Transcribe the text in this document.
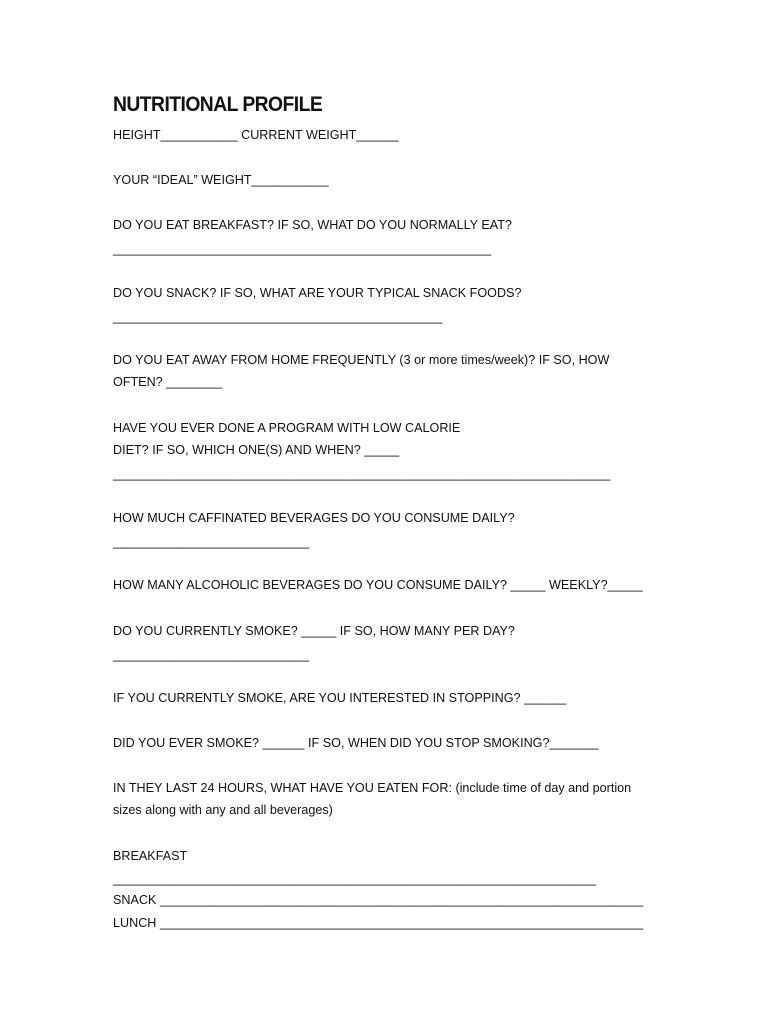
NUTRITIONAL PROFILE
HEIGHT___________ CURRENT WEIGHT______
YOUR “IDEAL” WEIGHT___________
DO YOU EAT BREAKFAST? IF SO, WHAT DO YOU NORMALLY EAT?
______________________________________________________
DO YOU SNACK? IF SO, WHAT ARE YOUR TYPICAL SNACK FOODS?
_______________________________________________
DO YOU EAT AWAY FROM HOME FREQUENTLY (3 or more times/week)? IF SO, HOW
OFTEN? ________
HAVE YOU EVER DONE A PROGRAM WITH LOW CALORIE
DIET? IF SO, WHICH ONE(S) AND WHEN? _____
_______________________________________________________________________
HOW MUCH CAFFINATED BEVERAGES DO YOU CONSUME DAILY?
____________________________
HOW MANY ALCOHOLIC BEVERAGES DO YOU CONSUME DAILY? _____ WEEKLY?_____
DO YOU CURRENTLY SMOKE? _____ IF SO, HOW MANY PER DAY?
____________________________
IF YOU CURRENTLY SMOKE, ARE YOU INTERESTED IN STOPPING? ______
DID YOU EVER SMOKE? ______ IF SO, WHEN DID YOU STOP SMOKING?_______
IN THEY LAST 24 HOURS, WHAT HAVE YOU EATEN FOR: (include time of day and portion
sizes along with any and all beverages)
BREAKFAST
_____________________________________________________________________
SNACK _____________________________________________________________________
LUNCH _____________________________________________________________________
